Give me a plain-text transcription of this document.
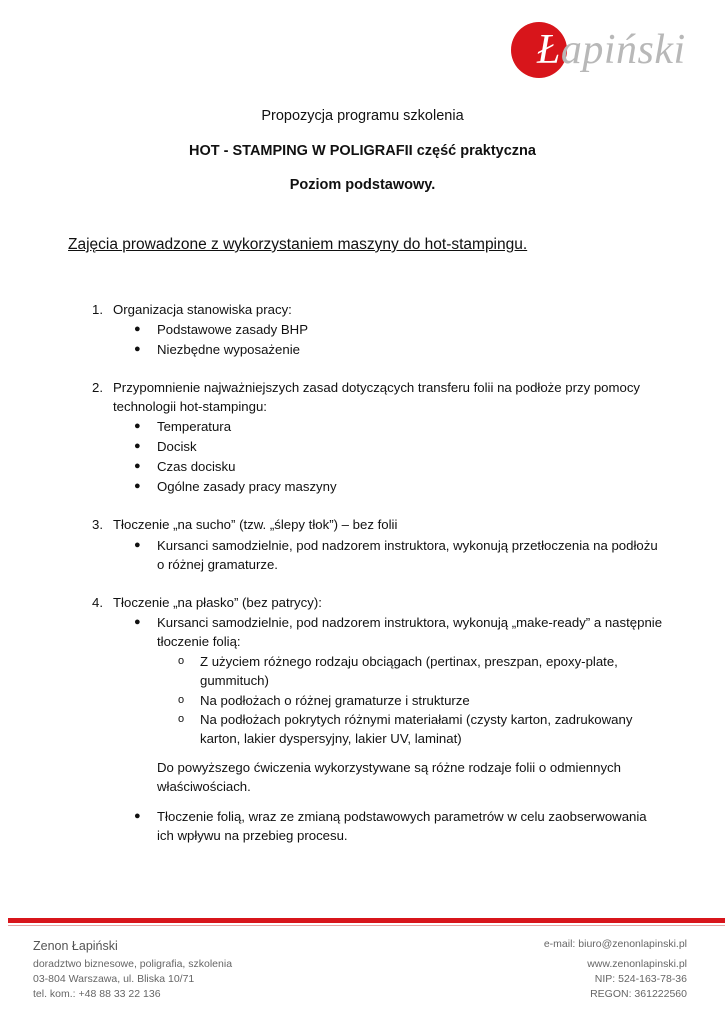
Łapiński
Propozycja programu szkolenia
HOT - STAMPING W POLIGRAFII część praktyczna
Poziom podstawowy.
Zajęcia prowadzone z wykorzystaniem maszyny do hot-stampingu.
1. Organizacja stanowiska pracy:
● Podstawowe zasady BHP
● Niezbędne wyposażenie
2. Przypomnienie najważniejszych zasad dotyczących transferu folii na podłoże przy pomocy
technologii hot-stampingu:
● Temperatura
● Docisk
● Czas docisku
● Ogólne zasady pracy maszyny
3. Tłoczenie „na sucho” (tzw. „ślepy tłok”) – bez folii
● Kursanci samodzielnie, pod nadzorem instruktora, wykonują przetłoczenia na podłożu
o różnej gramaturze.
4. Tłoczenie „na płasko” (bez patrycy):
● Kursanci samodzielnie, pod nadzorem instruktora, wykonują „make-ready” a następnie
tłoczenie folią:
o Z użyciem różnego rodzaju obciągach (pertinax, preszpan, epoxy-plate,
gummituch)
o Na podłożach o różnej gramaturze i strukturze
o Na podłożach pokrytych różnymi materiałami (czysty karton, zadrukowany
karton, lakier dyspersyjny, lakier UV, laminat)
Do powyższego ćwiczenia wykorzystywane są różne rodzaje folii o odmiennych
właściwościach.
● Tłoczenie folią, wraz ze zmianą podstawowych parametrów w celu zaobserwowania
ich wpływu na przebieg procesu.
Zenon Łapiński
doradztwo biznesowe, poligrafia, szkolenia
03-804 Warszawa, ul. Bliska 10/71
tel. kom.: +48 88 33 22 136
e-mail: biuro@zenonlapinski.pl
www.zenonlapinski.pl
NIP: 524-163-78-36
REGON: 361222560
